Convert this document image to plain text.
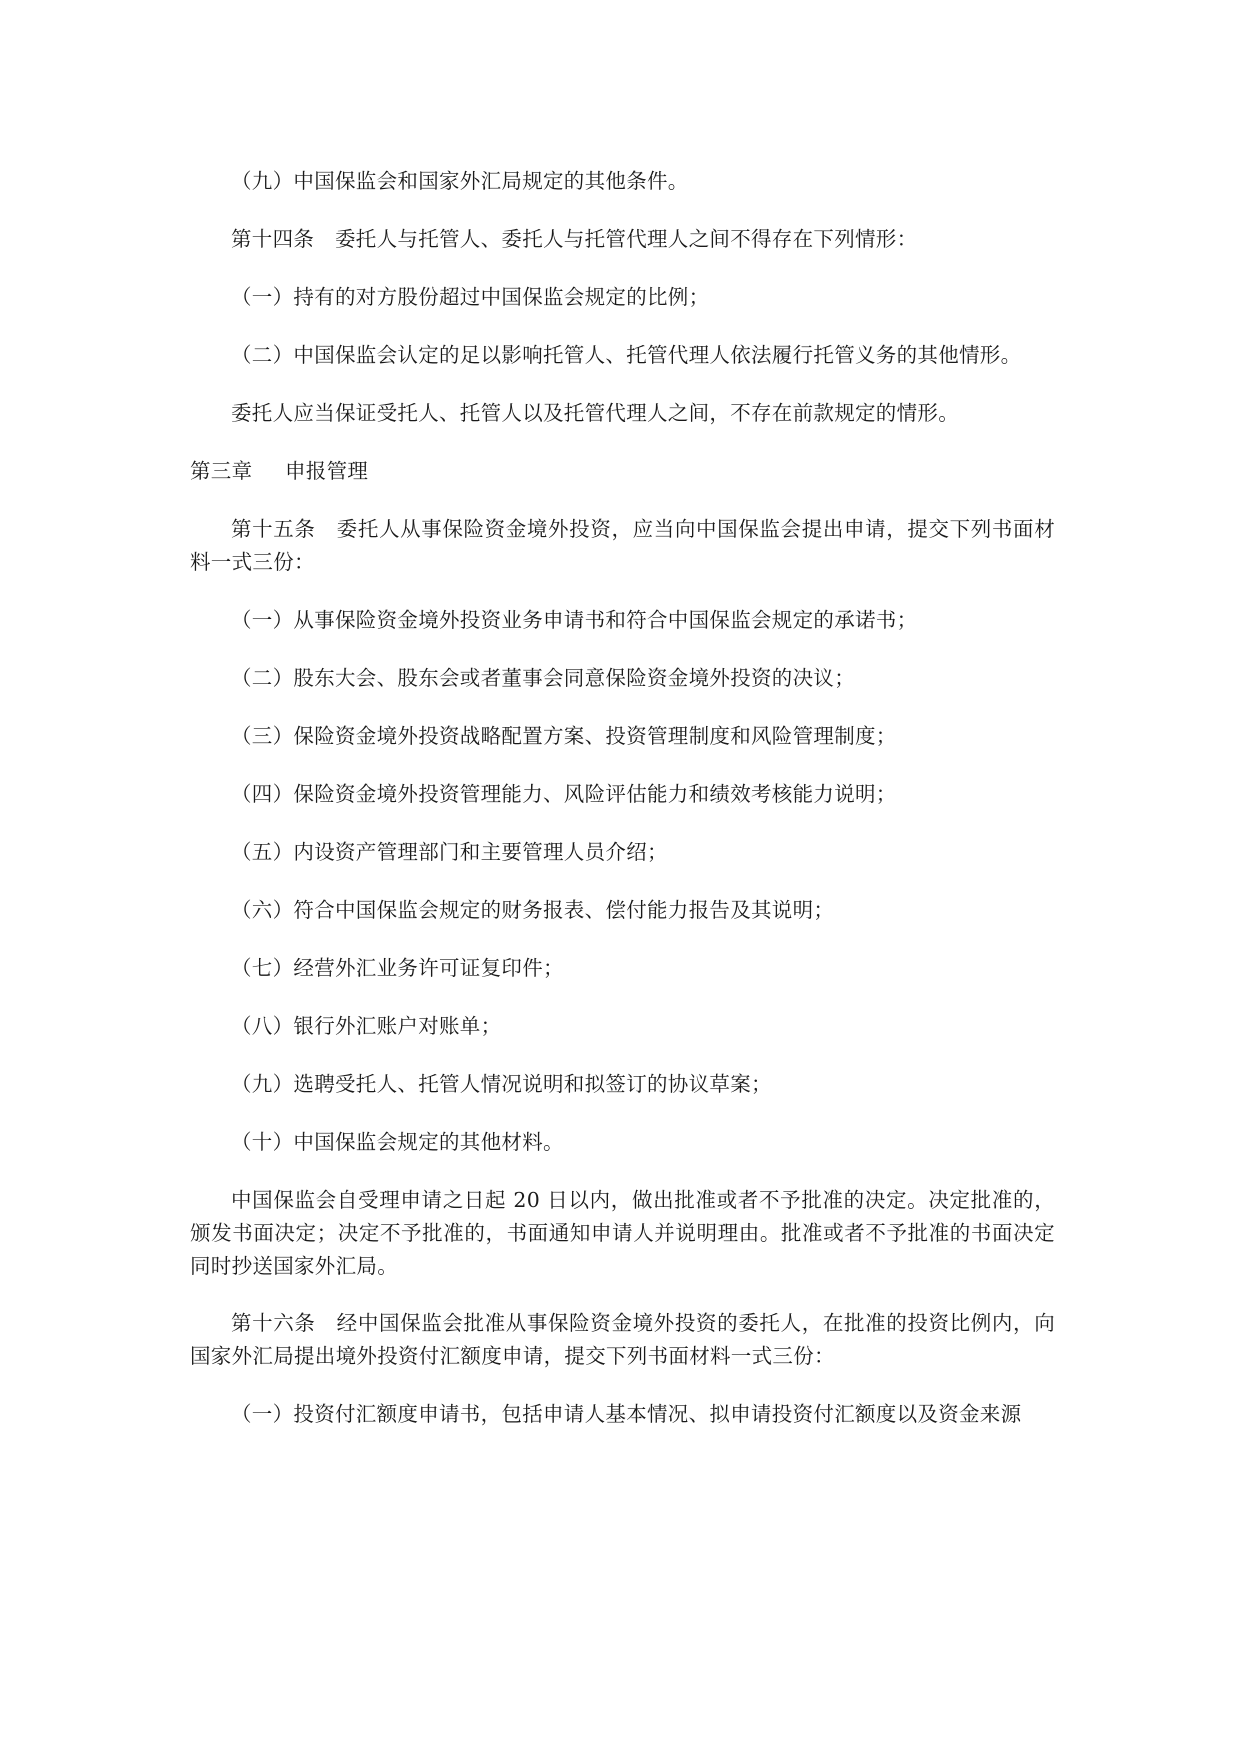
（九）中国保监会和国家外汇局规定的其他条件。

第十四条　委托人与托管人、委托人与托管代理人之间不得存在下列情形：

（一）持有的对方股份超过中国保监会规定的比例；

（二）中国保监会认定的足以影响托管人、托管代理人依法履行托管义务的其他情形。

委托人应当保证受托人、托管人以及托管代理人之间，不存在前款规定的情形。

第三章 申报管理

第十五条　委托人从事保险资金境外投资，应当向中国保监会提出申请，提交下列书面材料一式三份：

（一）从事保险资金境外投资业务申请书和符合中国保监会规定的承诺书；

（二）股东大会、股东会或者董事会同意保险资金境外投资的决议；

（三）保险资金境外投资战略配置方案、投资管理制度和风险管理制度；

（四）保险资金境外投资管理能力、风险评估能力和绩效考核能力说明；

（五）内设资产管理部门和主要管理人员介绍；

（六）符合中国保监会规定的财务报表、偿付能力报告及其说明；

（七）经营外汇业务许可证复印件；

（八）银行外汇账户对账单；

（九）选聘受托人、托管人情况说明和拟签订的协议草案；

（十）中国保监会规定的其他材料。

中国保监会自受理申请之日起 20 日以内，做出批准或者不予批准的决定。决定批准的，颁发书面决定；决定不予批准的，书面通知申请人并说明理由。批准或者不予批准的书面决定同时抄送国家外汇局。

第十六条　经中国保监会批准从事保险资金境外投资的委托人，在批准的投资比例内，向国家外汇局提出境外投资付汇额度申请，提交下列书面材料一式三份：

（一）投资付汇额度申请书，包括申请人基本情况、拟申请投资付汇额度以及资金来源
